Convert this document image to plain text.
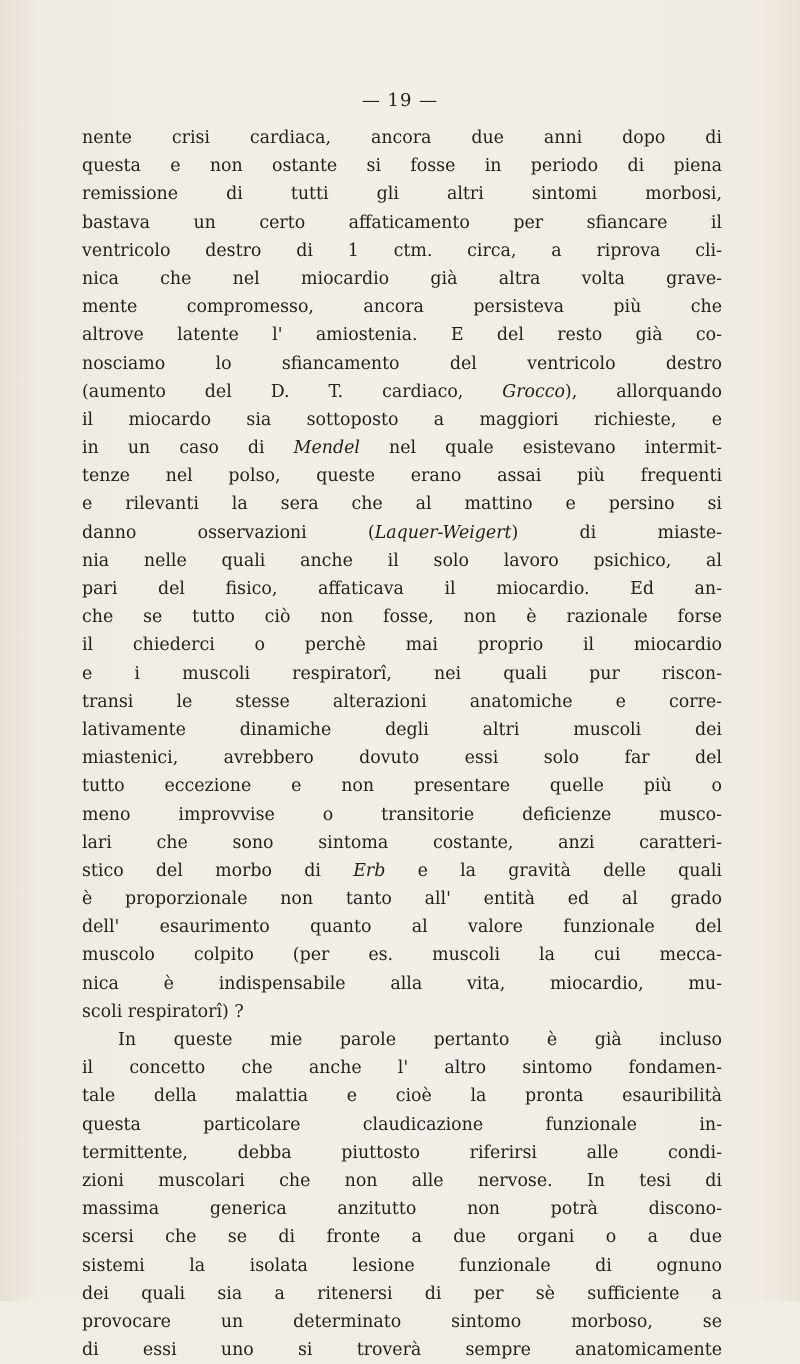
— 19 —
nente crisi cardiaca, ancora due anni dopo di
questa e non ostante si fosse in periodo di piena
remissione di tutti gli altri sintomi morbosi,
bastava un certo affaticamento per sfiancare il
ventricolo destro di 1 ctm. circa, a riprova cli-
nica che nel miocardio già altra volta grave-
mente compromesso, ancora persisteva più che
altrove latente l' amiostenia. E del resto già co-
nosciamo lo sfiancamento del ventricolo destro
(aumento del D. T. cardiaco, Grocco), allorquando
il miocardo sia sottoposto a maggiori richieste, e
in un caso di Mendel nel quale esistevano intermit-
tenze nel polso, queste erano assai più frequenti
e rilevanti la sera che al mattino e persino si
danno osservazioni (Laquer-Weigert) di miaste-
nia nelle quali anche il solo lavoro psichico, al
pari del fisico, affaticava il miocardio. Ed an-
che se tutto ciò non fosse, non è razionale forse
il chiederci o perchè mai proprio il miocardio
e i muscoli respiratorî, nei quali pur riscon-
transi le stesse alterazioni anatomiche e corre-
lativamente dinamiche degli altri muscoli dei
miastenici, avrebbero dovuto essi solo far del
tutto eccezione e non presentare quelle più o
meno improvvise o transitorie deficienze musco-
lari che sono sintoma costante, anzi caratteri-
stico del morbo di Erb e la gravità delle quali
è proporzionale non tanto all' entità ed al grado
dell' esaurimento quanto al valore funzionale del
muscolo colpito (per es. muscoli la cui mecca-
nica è indispensabile alla vita, miocardio, mu-
scoli respiratorî) ?
In queste mie parole pertanto è già incluso
il concetto che anche l' altro sintomo fondamen-
tale della malattia e cioè la pronta esauribilità
questa particolare claudicazione funzionale in-
termittente, debba piuttosto riferirsi alle condi-
zioni muscolari che non alle nervose. In tesi di
massima generica anzitutto non potrà discono-
scersi che se di fronte a due organi o a due
sistemi la isolata lesione funzionale di ognuno
dei quali sia a ritenersi di per sè sufficiente a
provocare un determinato sintomo morboso, se
di essi uno si troverà sempre anatomicamente
